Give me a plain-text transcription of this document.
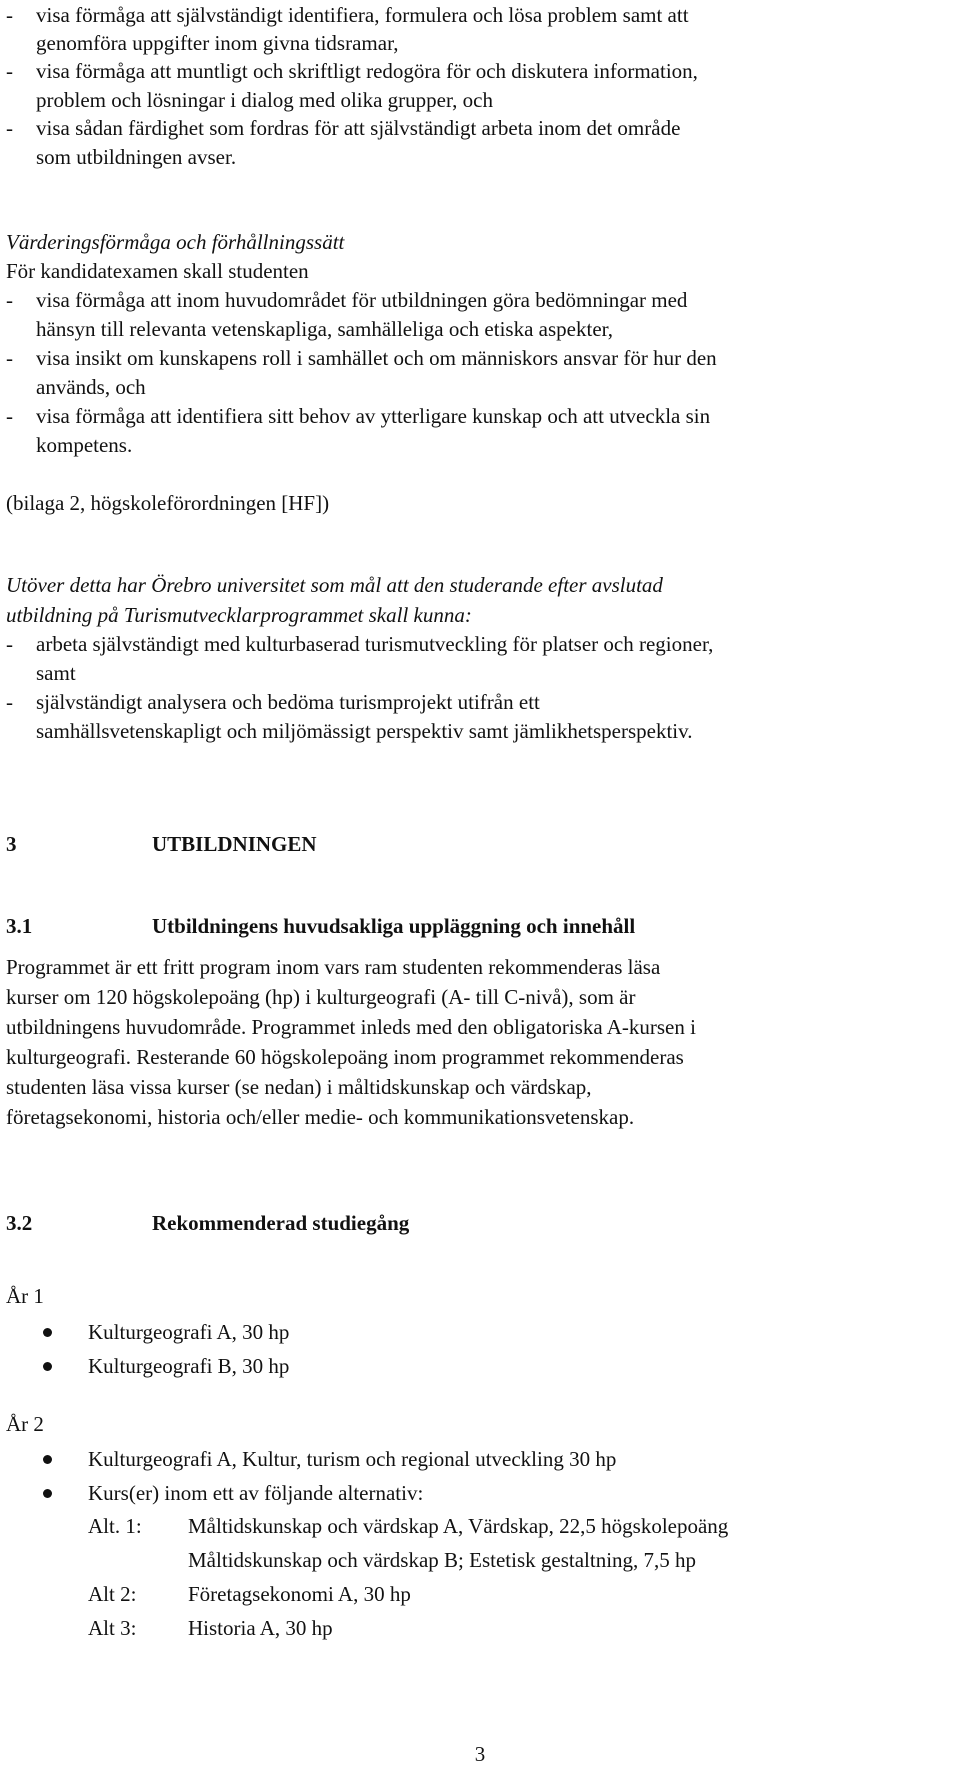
-	visa förmåga att självständigt identifiera, formulera och lösa problem samt att
genomföra uppgifter inom givna tidsramar,
-	visa förmåga att muntligt och skriftligt redogöra för och diskutera information,
problem och lösningar i dialog med olika grupper, och
-	visa sådan färdighet som fordras för att självständigt arbeta inom det område
som utbildningen avser.
Värderingsförmåga och förhållningssätt
För kandidatexamen skall studenten
-	visa förmåga att inom huvudområdet för utbildningen göra bedömningar med
hänsyn till relevanta vetenskapliga, samhälleliga och etiska aspekter,
-	visa insikt om kunskapens roll i samhället och om människors ansvar för hur den
används, och
-	visa förmåga att identifiera sitt behov av ytterligare kunskap och att utveckla sin
kompetens.
(bilaga 2, högskoleförordningen [HF])
Utöver detta har Örebro universitet som mål att den studerande efter avslutad
utbildning på Turismutvecklarprogrammet skall kunna:
-	arbeta självständigt med kulturbaserad turismutveckling för platser och regioner,
samt
-	självständigt analysera och bedöma turismprojekt utifrån ett
samhällsvetenskapligt och miljömässigt perspektiv samt jämlikhetsperspektiv.
3	UTBILDNINGEN
3.1	Utbildningens huvudsakliga uppläggning och innehåll
Programmet är ett fritt program inom vars ram studenten rekommenderas läsa
kurser om 120 högskolepoäng (hp) i kulturgeografi (A- till C-nivå), som är
utbildningens huvudområde. Programmet inleds med den obligatoriska A-kursen i
kulturgeografi. Resterande 60 högskolepoäng inom programmet rekommenderas
studenten läsa vissa kurser (se nedan) i måltidskunskap och värdskap,
företagsekonomi, historia och/eller medie- och kommunikationsvetenskap.
3.2	Rekommenderad studiegång
År 1
Kulturgeografi A, 30 hp
Kulturgeografi B, 30 hp
År 2
Kulturgeografi A, Kultur, turism och regional utveckling 30 hp
Kurs(er) inom ett av följande alternativ:
Alt. 1: Måltidskunskap och värdskap A, Värdskap, 22,5 högskolepoäng
Måltidskunskap och värdskap B; Estetisk gestaltning, 7,5 hp
Alt 2: Företagsekonomi A, 30 hp
Alt 3: Historia A, 30 hp
3
